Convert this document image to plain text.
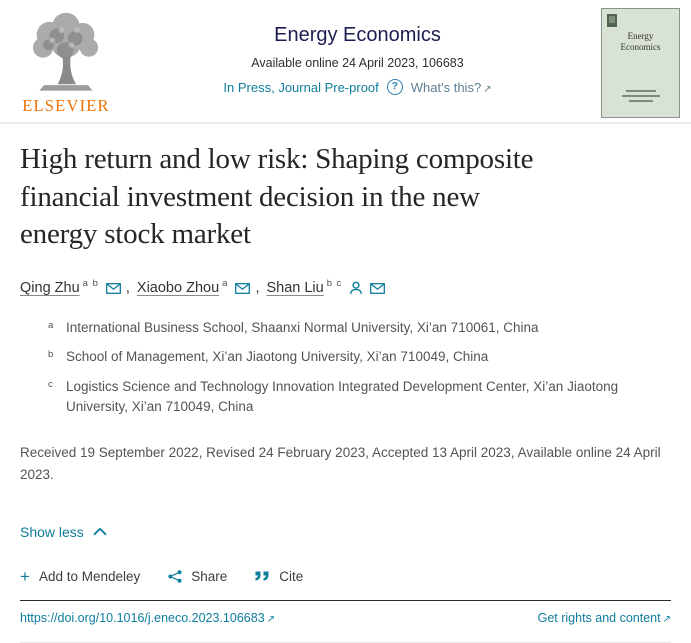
ELSEVIER
Energy Economics
Available online 24 April 2023, 106683
In Press, Journal Pre-proof	? What's this? ↗
Energy Economics
High return and low risk: Shaping composite
financial investment decision in the new
energy stock market
Qing Zhu a b , Xiaobo Zhou a , Shan Liu b c
a International Business School, Shaanxi Normal University, Xi’an 710061, China
b School of Management, Xi’an Jiaotong University, Xi’an 710049, China
c Logistics Science and Technology Innovation Integrated Development Center, Xi’an Jiaotong University, Xi’an 710049, China
Received 19 September 2022, Revised 24 February 2023, Accepted 13 April 2023, Available online 24 April 2023.
Show less
+ Add to Mendeley	Share	Cite
https://doi.org/10.1016/j.eneco.2023.106683 ↗	Get rights and content ↗
